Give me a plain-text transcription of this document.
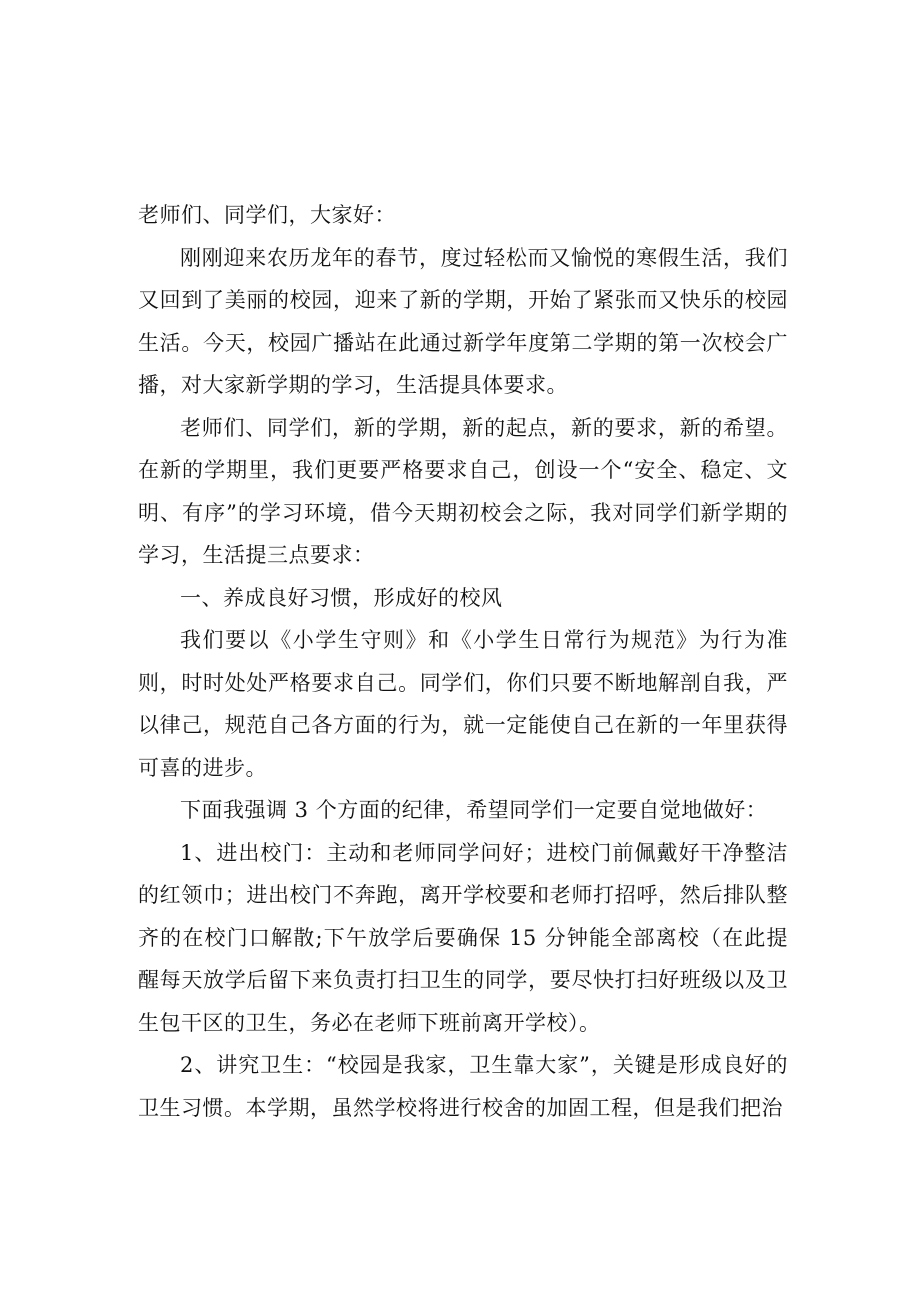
老师们、同学们，大家好：

刚刚迎来农历龙年的春节，度过轻松而又愉悦的寒假生活，我们又回到了美丽的校园，迎来了新的学期，开始了紧张而又快乐的校园生活。今天，校园广播站在此通过新学年度第二学期的第一次校会广播，对大家新学期的学习，生活提具体要求。

老师们、同学们，新的学期，新的起点，新的要求，新的希望。在新的学期里，我们更要严格要求自己，创设一个“安全、稳定、文明、有序”的学习环境，借今天期初校会之际，我对同学们新学期的学习，生活提三点要求：

一、养成良好习惯，形成好的校风

我们要以《小学生守则》和《小学生日常行为规范》为行为准则，时时处处严格要求自己。同学们，你们只要不断地解剖自我，严以律己，规范自己各方面的行为，就一定能使自己在新的一年里获得可喜的进步。

下面我强调 3 个方面的纪律，希望同学们一定要自觉地做好：

1、进出校门：主动和老师同学问好；进校门前佩戴好干净整洁的红领巾；进出校门不奔跑，离开学校要和老师打招呼，然后排队整齐的在校门口解散;下午放学后要确保 15 分钟能全部离校（在此提醒每天放学后留下来负责打扫卫生的同学，要尽快打扫好班级以及卫生包干区的卫生，务必在老师下班前离开学校）。

2、讲究卫生：“校园是我家，卫生靠大家”，关键是形成良好的卫生习惯。本学期，虽然学校将进行校舍的加固工程，但是我们把治
